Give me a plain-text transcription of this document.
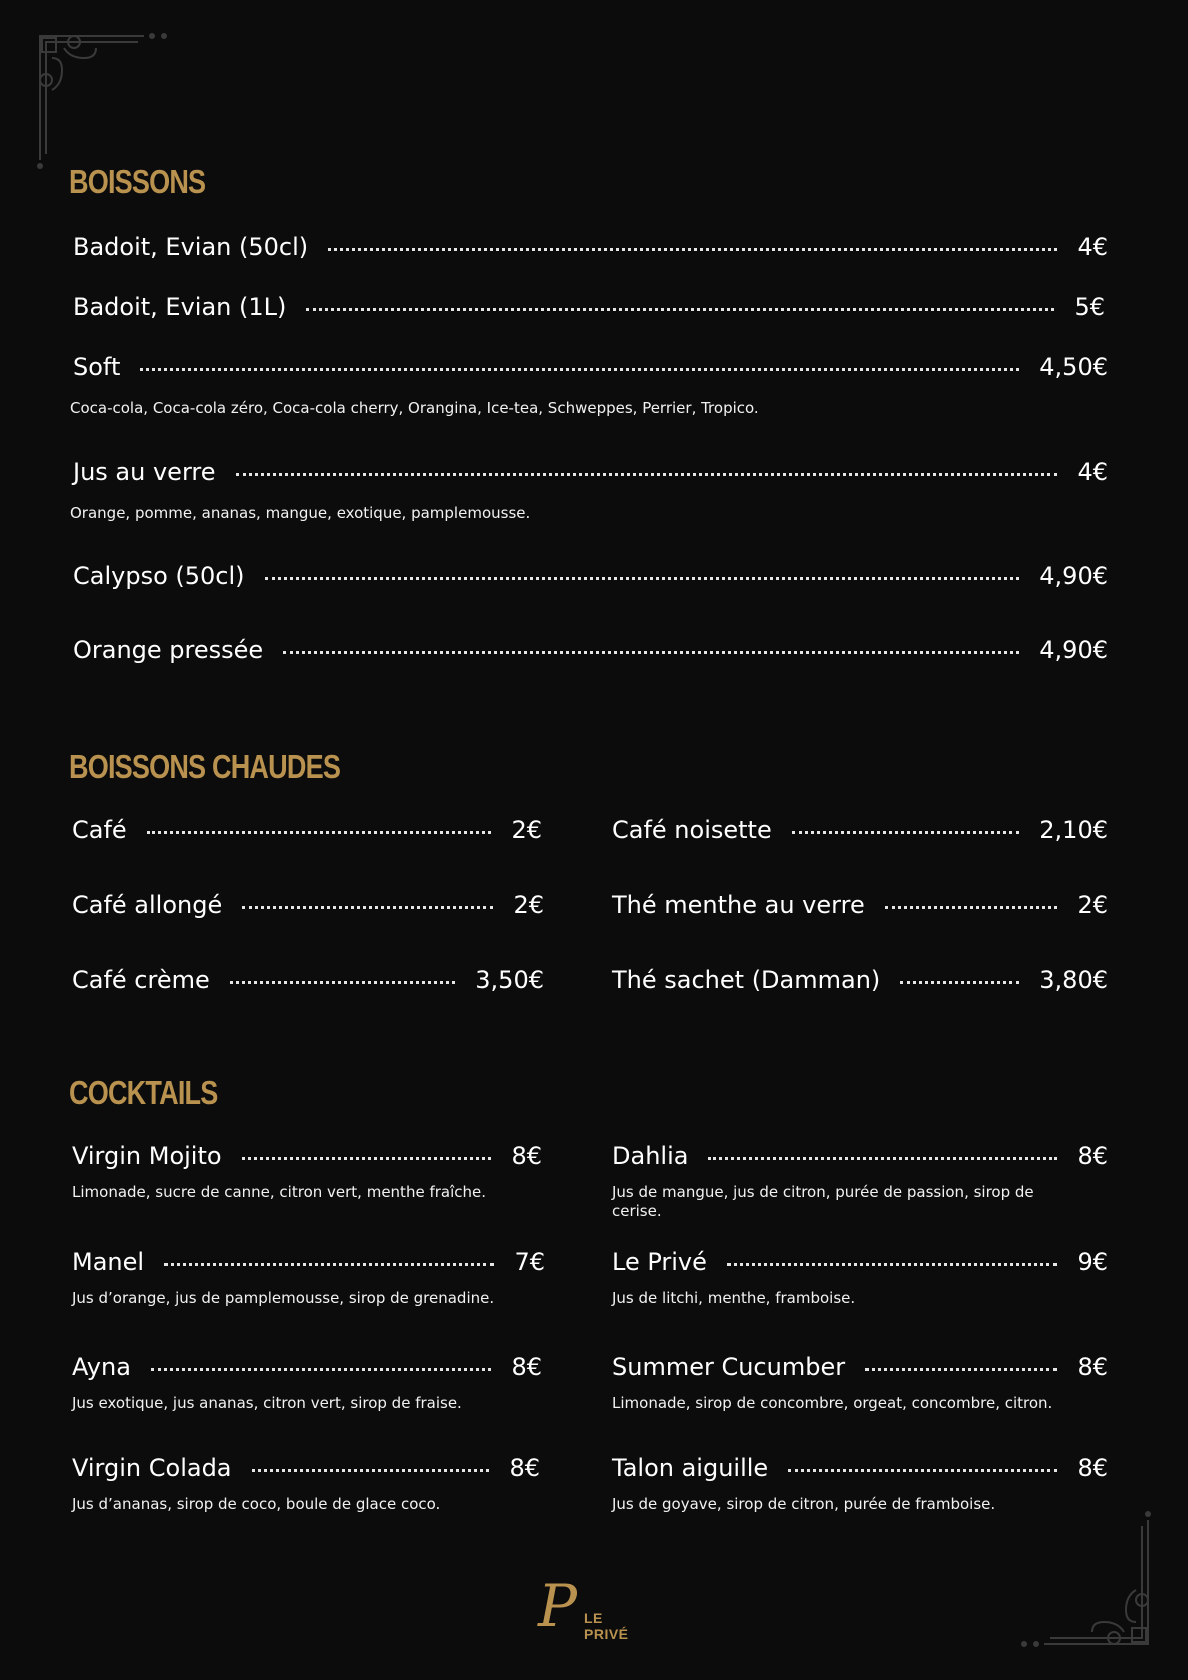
BOISSONS
Badoit, Evian (50cl)	4€
Badoit, Evian (1L)	5€
Soft	4,50€
Coca-cola, Coca-cola zéro, Coca-cola cherry, Orangina, Ice-tea, Schweppes, Perrier, Tropico.
Jus au verre	4€
Orange, pomme, ananas, mangue, exotique, pamplemousse.
Calypso (50cl)	4,90€
Orange pressée	4,90€
BOISSONS CHAUDES
Café	2€
Café allongé	2€
Café crème	3,50€
Café noisette	2,10€
Thé menthe au verre	2€
Thé sachet (Damman)	3,80€
COCKTAILS
Virgin Mojito	8€
Limonade, sucre de canne, citron vert, menthe fraîche.
Manel	7€
Jus d’orange, jus de pamplemousse, sirop de grenadine.
Ayna	8€
Jus exotique, jus ananas, citron vert, sirop de fraise.
Virgin Colada	8€
Jus d’ananas, sirop de coco, boule de glace coco.
Dahlia	8€
Jus de mangue, jus de citron, purée de passion, sirop de cerise.
Le Privé	9€
Jus de litchi, menthe, framboise.
Summer Cucumber	8€
Limonade, sirop de concombre, orgeat, concombre, citron.
Talon aiguille	8€
Jus de goyave, sirop de citron, purée de framboise.
P LE PRIVÉ
